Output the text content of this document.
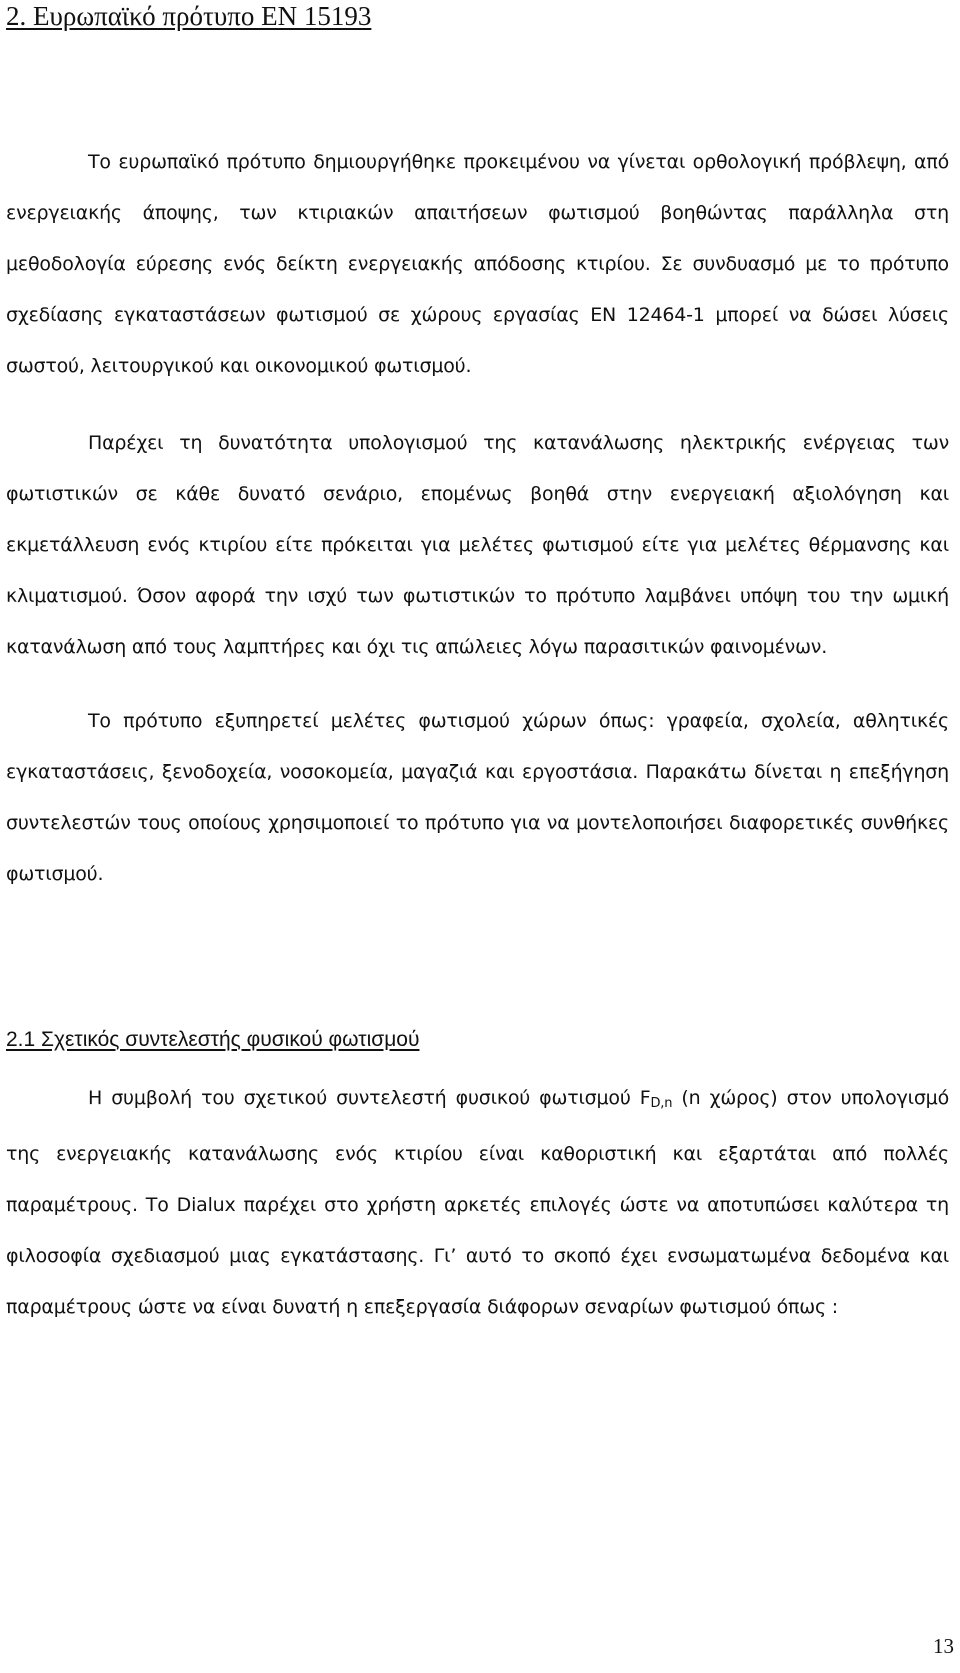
2. Ευρωπαϊκό πρότυπο EN 15193

Το ευρωπαϊκό πρότυπο δημιουργήθηκε προκειμένου να γίνεται ορθολογική πρόβλεψη, από ενεργειακής άποψης, των κτιριακών απαιτήσεων φωτισμού βοηθώντας παράλληλα στη μεθοδολογία εύρεσης ενός δείκτη ενεργειακής απόδοσης κτιρίου. Σε συνδυασμό με το πρότυπο σχεδίασης εγκαταστάσεων φωτισμού σε χώρους εργασίας EN 12464-1 μπορεί να δώσει λύσεις σωστού, λειτουργικού και οικονομικού φωτισμού.

Παρέχει τη δυνατότητα υπολογισμού της κατανάλωσης ηλεκτρικής ενέργειας των φωτιστικών σε κάθε δυνατό σενάριο, επομένως βοηθά στην ενεργειακή αξιολόγηση και εκμετάλλευση ενός κτιρίου είτε πρόκειται για μελέτες φωτισμού είτε για μελέτες θέρμανσης και κλιματισμού. Όσον αφορά την ισχύ των φωτιστικών το πρότυπο λαμβάνει υπόψη του την ωμική κατανάλωση από τους λαμπτήρες και όχι τις απώλειες λόγω παρασιτικών φαινομένων.

Το πρότυπο εξυπηρετεί μελέτες φωτισμού χώρων όπως: γραφεία, σχολεία, αθλητικές εγκαταστάσεις, ξενοδοχεία, νοσοκομεία, μαγαζιά και εργοστάσια. Παρακάτω δίνεται η επεξήγηση συντελεστών τους οποίους χρησιμοποιεί το πρότυπο για να μοντελοποιήσει διαφορετικές συνθήκες φωτισμού.

2.1 Σχετικός συντελεστής φυσικού φωτισμού

Η συμβολή του σχετικού συντελεστή φυσικού φωτισμού $F_{D,n}$ (n χώρος) στον υπολογισμό της ενεργειακής κατανάλωσης ενός κτιρίου είναι καθοριστική και εξαρτάται από πολλές παραμέτρους. Το Dialux παρέχει στο χρήστη αρκετές επιλογές ώστε να αποτυπώσει καλύτερα τη φιλοσοφία σχεδιασμού μιας εγκατάστασης. Γι’ αυτό το σκοπό έχει ενσωματωμένα δεδομένα και παραμέτρους ώστε να είναι δυνατή η επεξεργασία διάφορων σεναρίων φωτισμού όπως :

13
